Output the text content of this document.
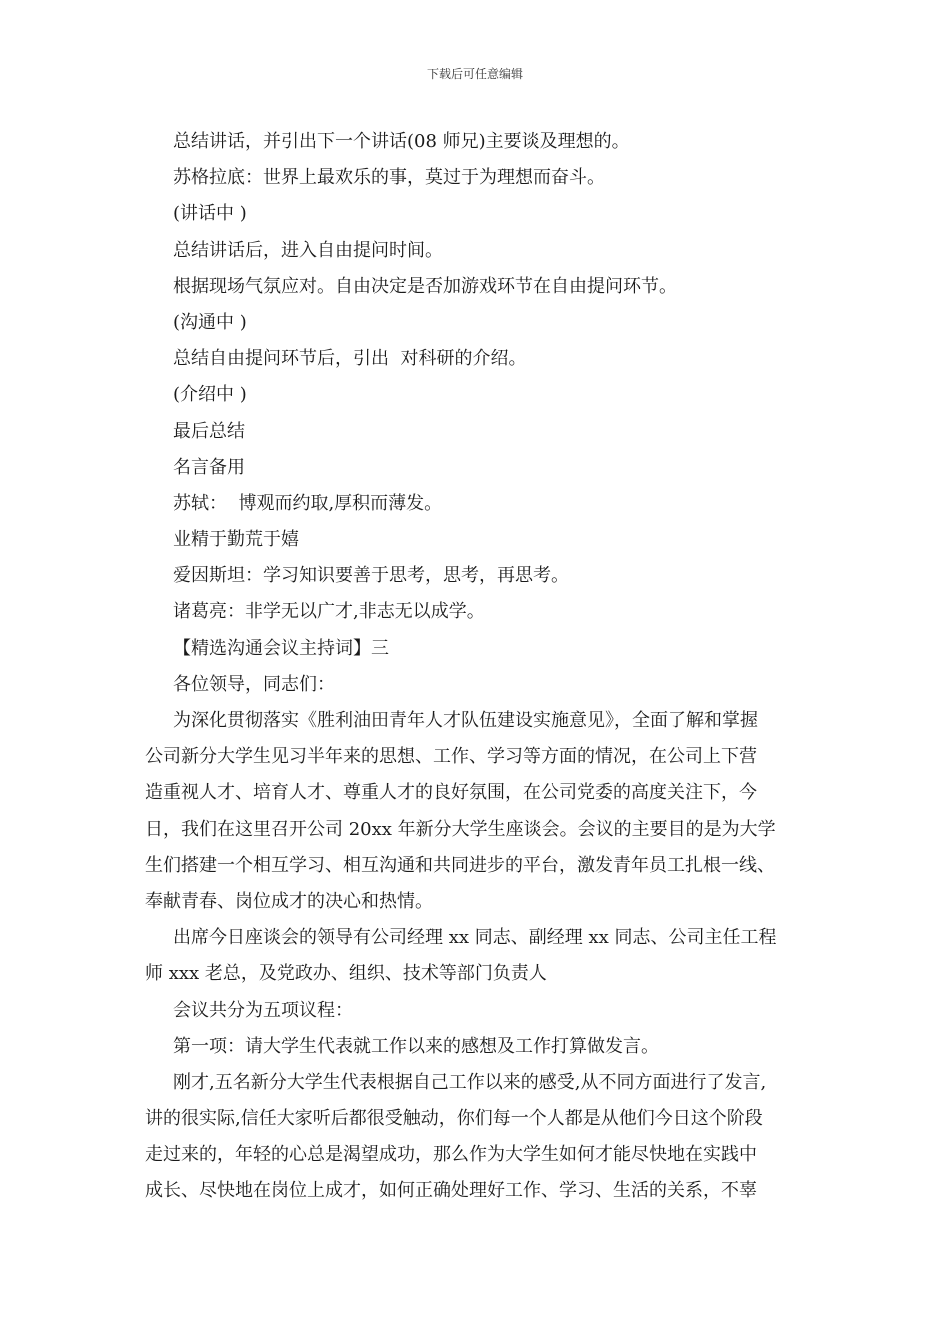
下载后可任意编辑
总结讲话，并引出下一个讲话(08 师兄)主要谈及理想的。
苏格拉底：世界上最欢乐的事，莫过于为理想而奋斗。
(讲话中 )
总结讲话后，进入自由提问时间。
根据现场气氛应对。自由决定是否加游戏环节在自由提问环节。
(沟通中 )
总结自由提问环节后，引出  对科研的介绍。
(介绍中 )
最后总结
名言备用
苏轼：  博观而约取,厚积而薄发。
业精于勤荒于嬉
爱因斯坦：学习知识要善于思考，思考，再思考。
诸葛亮：非学无以广才,非志无以成学。
【精选沟通会议主持词】三
各位领导，同志们：
为深化贯彻落实《胜利油田青年人才队伍建设实施意见》，全面了解和掌握
公司新分大学生见习半年来的思想、工作、学习等方面的情况，在公司上下营
造重视人才、培育人才、尊重人才的良好氛围，在公司党委的高度关注下，今
日，我们在这里召开公司 20xx 年新分大学生座谈会。会议的主要目的是为大学
生们搭建一个相互学习、相互沟通和共同进步的平台，激发青年员工扎根一线、
奉献青春、岗位成才的决心和热情。
出席今日座谈会的领导有公司经理 xx 同志、副经理 xx 同志、公司主任工程
师 xxx 老总，及党政办、组织、技术等部门负责人
会议共分为五项议程：
第一项：请大学生代表就工作以来的感想及工作打算做发言。
刚才,五名新分大学生代表根据自己工作以来的感受,从不同方面进行了发言,
讲的很实际,信任大家听后都很受触动，你们每一个人都是从他们今日这个阶段
走过来的，年轻的心总是渴望成功，那么作为大学生如何才能尽快地在实践中
成长、尽快地在岗位上成才，如何正确处理好工作、学习、生活的关系，不辜
